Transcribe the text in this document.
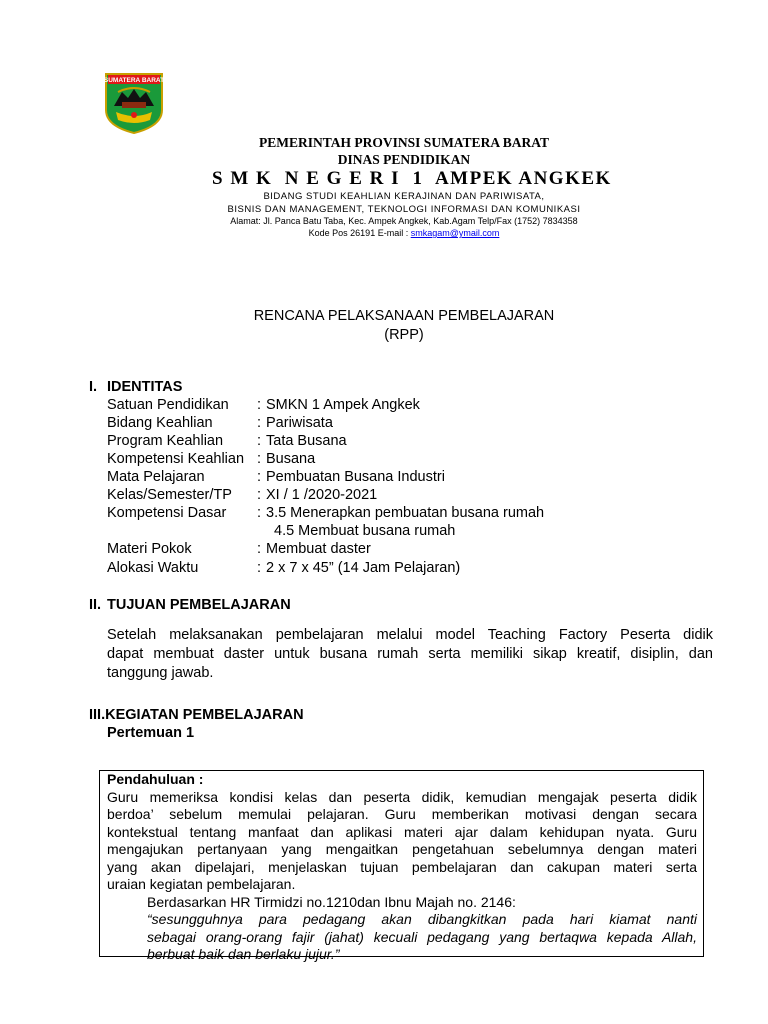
SUMATERA BARAT
PEMERINTAH PROVINSI SUMATERA BARAT
DINAS PENDIDIKAN
S M K  N E G E R I  1  AMPEK ANGKEK
BIDANG STUDI KEAHLIAN KERAJINAN DAN PARIWISATA,
BISNIS DAN MANAGEMENT, TEKNOLOGI INFORMASI DAN KOMUNIKASI
Alamat: Jl. Panca Batu Taba, Kec. Ampek Angkek, Kab.Agam Telp/Fax (1752) 7834358
Kode Pos 26191 E-mail : smkagam@ymail.com
RENCANA PELAKSANAAN PEMBELAJARAN
(RPP)
I. IDENTITAS
Satuan Pendidikan : SMKN 1 Ampek Angkek
Bidang Keahlian	: Pariwisata
Program Keahlian : Tata Busana
Kompetensi Keahlian : Busana
Mata Pelajaran	: Pembuatan Busana Industri
Kelas/Semester/TP : XI / 1 /2020-2021
Kompetensi Dasar : 3.5 Menerapkan pembuatan busana rumah
4.5 Membuat busana rumah
Materi Pokok	: Membuat daster
Alokasi Waktu	: 2 x 7 x 45” (14 Jam Pelajaran)
II. TUJUAN PEMBELAJARAN
Setelah melaksanakan pembelajaran melalui model Teaching Factory Peserta didik
dapat membuat daster untuk busana rumah serta memiliki sikap kreatif, disiplin, dan
tanggung jawab.
III.KEGIATAN PEMBELAJARAN
Pertemuan 1
Pendahuluan :
Guru memeriksa kondisi kelas dan peserta didik, kemudian mengajak peserta didik
berdoa’ sebelum memulai pelajaran. Guru memberikan motivasi dengan secara
kontekstual tentang manfaat dan aplikasi materi ajar dalam kehidupan nyata. Guru
mengajukan pertanyaan yang mengaitkan pengetahuan sebelumnya dengan materi
yang akan dipelajari, menjelaskan tujuan pembelajaran dan cakupan materi serta
uraian kegiatan pembelajaran.
Berdasarkan HR Tirmidzi no.1210dan Ibnu Majah no. 2146:
“sesungguhnya para pedagang akan dibangkitkan pada hari kiamat nanti
sebagai orang-orang fajir (jahat) kecuali pedagang yang bertaqwa kepada Allah,
berbuat baik dan berlaku jujur.”
